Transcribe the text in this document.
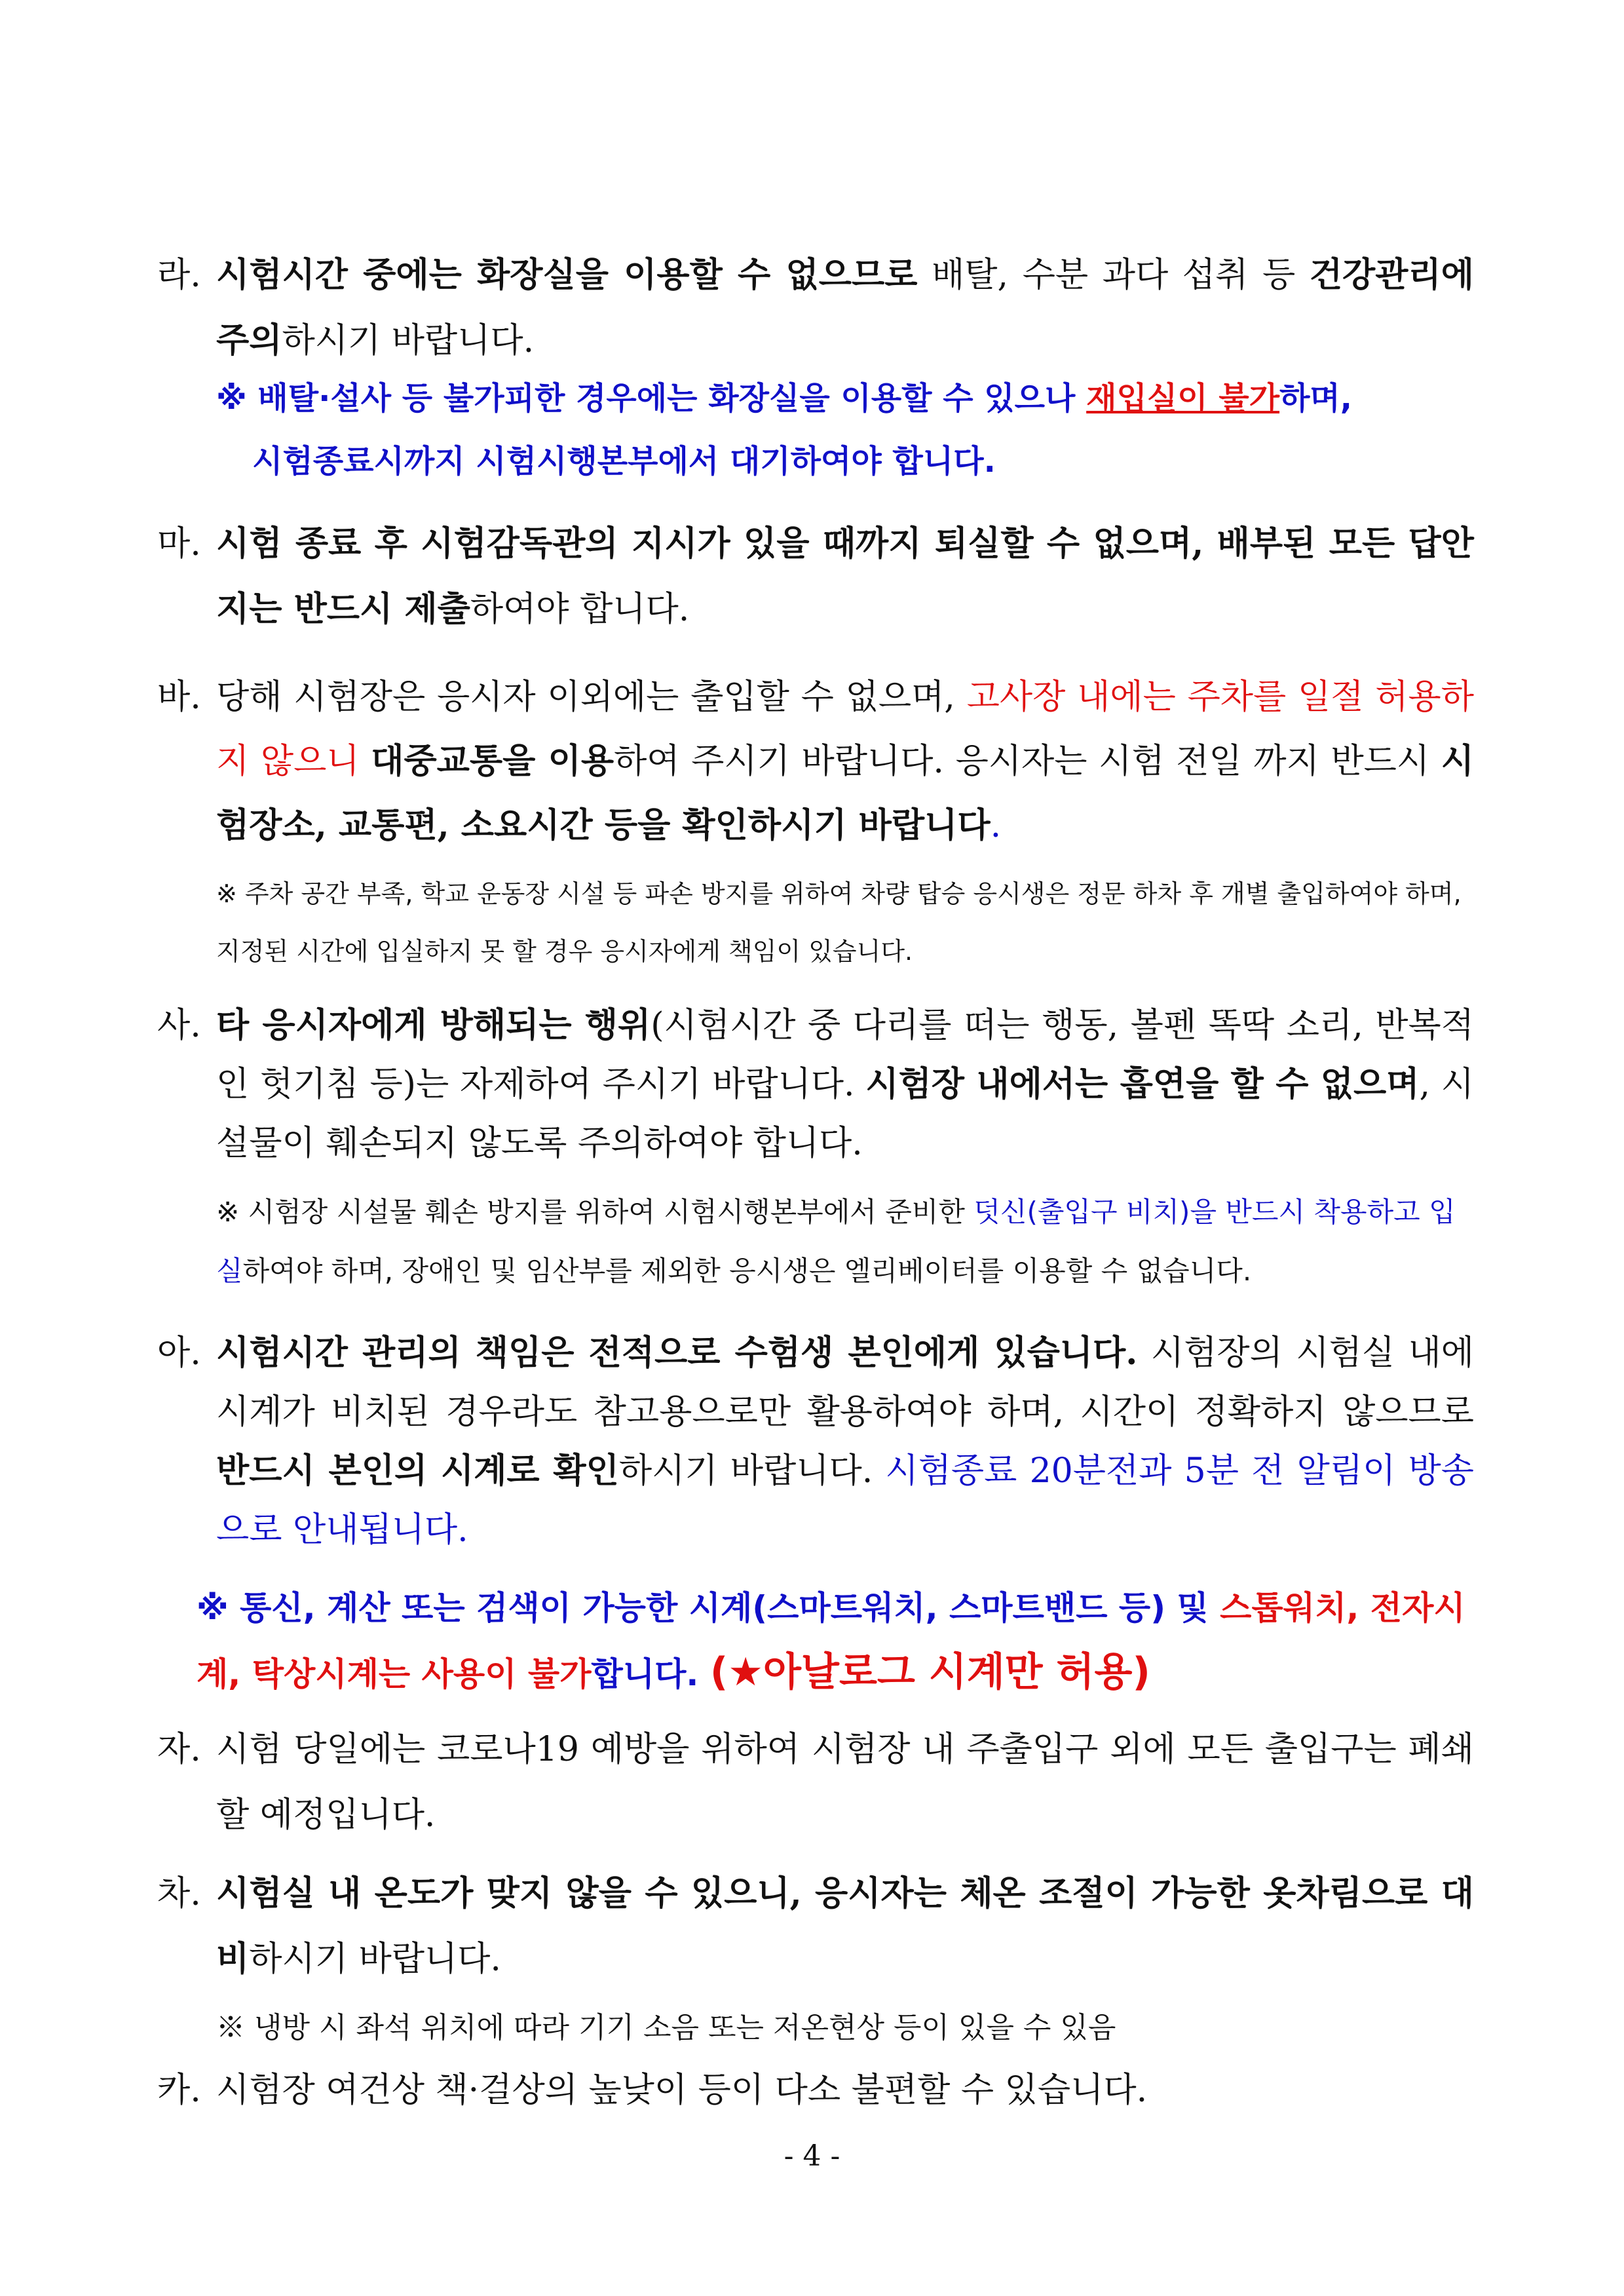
라. 시험시간 중에는 화장실을 이용할 수 없으므로 배탈, 수분 과다 섭취 등 건강관리에 주의하시기 바랍니다.
※ 배탈·설사 등 불가피한 경우에는 화장실을 이용할 수 있으나 재입실이 불가하며,
시험종료시까지 시험시행본부에서 대기하여야 합니다.
마. 시험 종료 후 시험감독관의 지시가 있을 때까지 퇴실할 수 없으며, 배부된 모든 답안지는 반드시 제출하여야 합니다.
바. 당해 시험장은 응시자 이외에는 출입할 수 없으며, 고사장 내에는 주차를 일절 허용하지 않으니 대중교통을 이용하여 주시기 바랍니다. 응시자는 시험 전일 까지 반드시 시험장소, 교통편, 소요시간 등을 확인하시기 바랍니다.
※ 주차 공간 부족, 학교 운동장 시설 등 파손 방지를 위하여 차량 탑승 응시생은 정문 하차 후 개별 출입하여야 하며, 지정된 시간에 입실하지 못 할 경우 응시자에게 책임이 있습니다.
사. 타 응시자에게 방해되는 행위(시험시간 중 다리를 떠는 행동, 볼펜 똑딱 소리, 반복적인 헛기침 등)는 자제하여 주시기 바랍니다. 시험장 내에서는 흡연을 할 수 없으며, 시설물이 훼손되지 않도록 주의하여야 합니다.
※ 시험장 시설물 훼손 방지를 위하여 시험시행본부에서 준비한 덧신(출입구 비치)을 반드시 착용하고 입실하여야 하며, 장애인 및 임산부를 제외한 응시생은 엘리베이터를 이용할 수 없습니다.
아. 시험시간 관리의 책임은 전적으로 수험생 본인에게 있습니다. 시험장의 시험실 내에 시계가 비치된 경우라도 참고용으로만 활용하여야 하며, 시간이 정확하지 않으므로 반드시 본인의 시계로 확인하시기 바랍니다. 시험종료 20분전과 5분 전 알림이 방송으로 안내됩니다.
※ 통신, 계산 또는 검색이 가능한 시계(스마트워치, 스마트밴드 등) 및 스톱워치, 전자시계, 탁상시계는 사용이 불가합니다. (★아날로그 시계만 허용)
자. 시험 당일에는 코로나19 예방을 위하여 시험장 내 주출입구 외에 모든 출입구는 폐쇄할 예정입니다.
차. 시험실 내 온도가 맞지 않을 수 있으니, 응시자는 체온 조절이 가능한 옷차림으로 대비하시기 바랍니다.
※ 냉방 시 좌석 위치에 따라 기기 소음 또는 저온현상 등이 있을 수 있음
카. 시험장 여건상 책·걸상의 높낮이 등이 다소 불편할 수 있습니다.
- 4 -
